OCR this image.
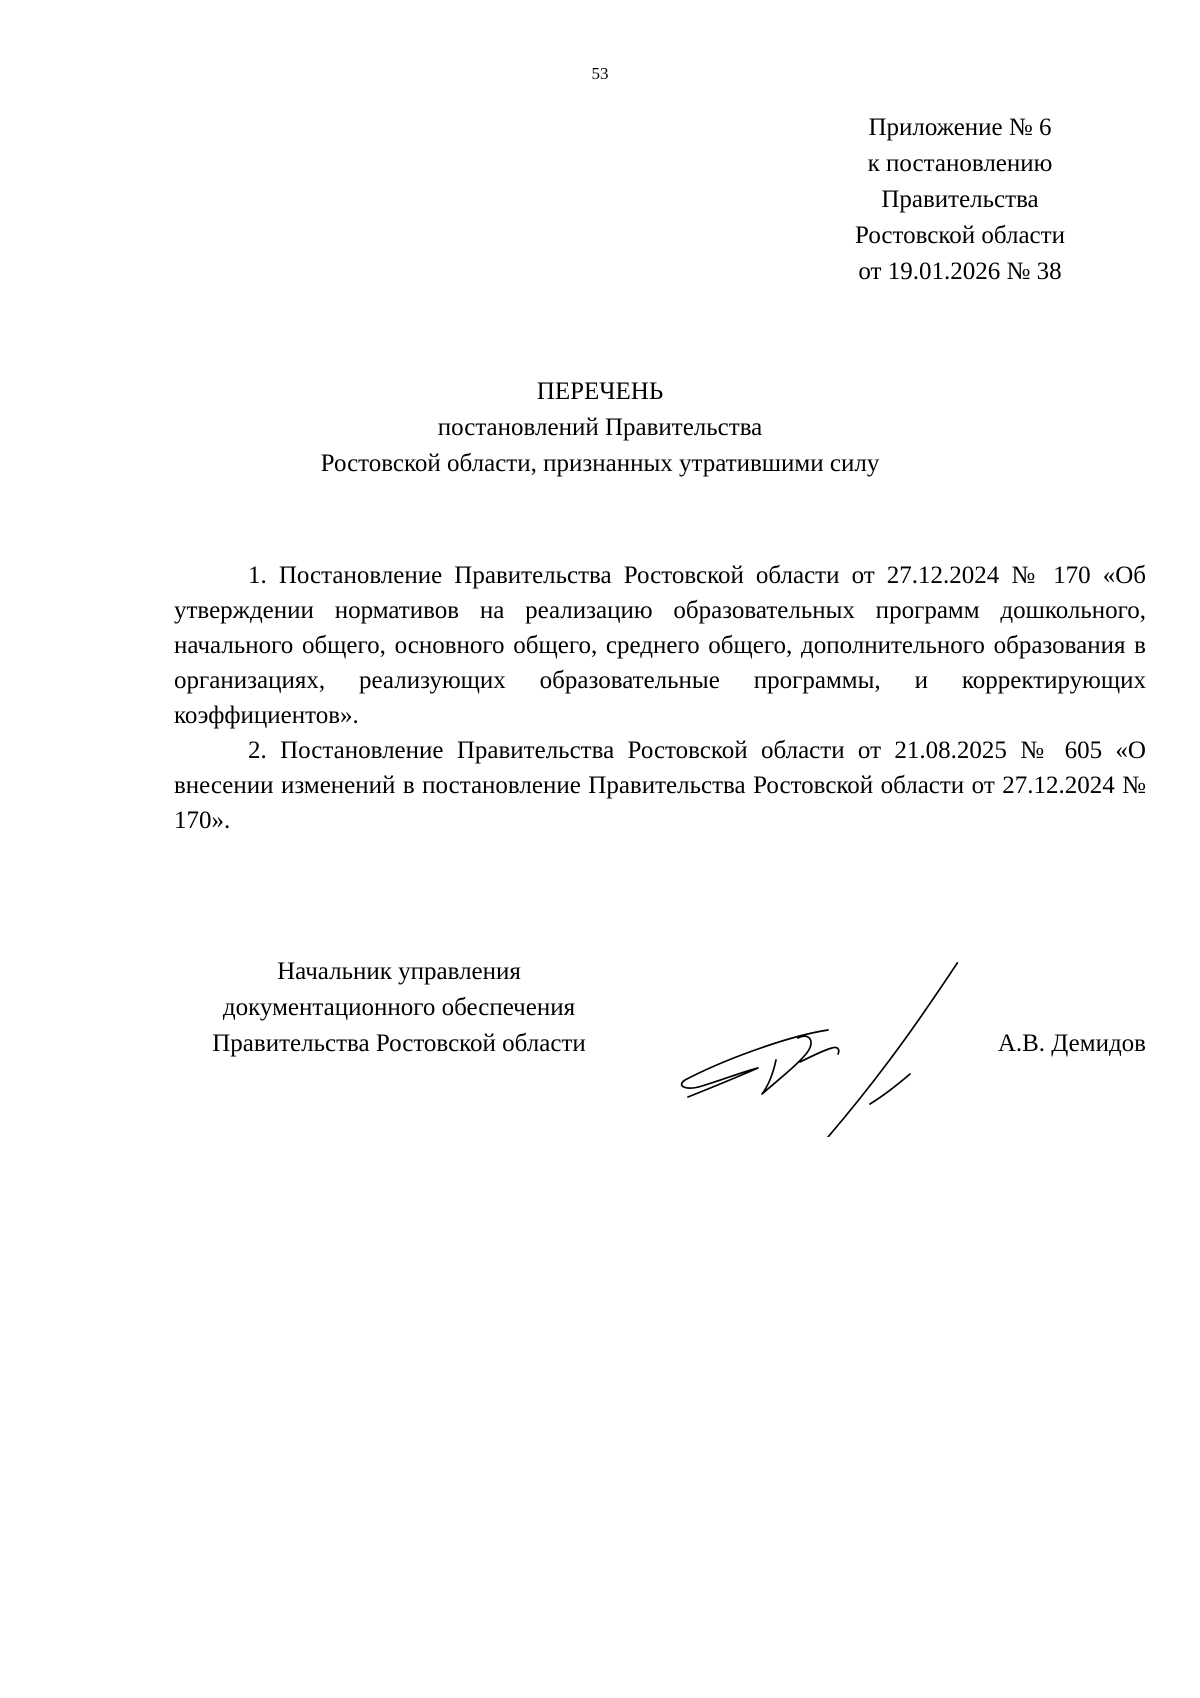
53
Приложение № 6
к постановлению
Правительства
Ростовской области
от 19.01.2026 № 38
ПЕРЕЧЕНЬ
постановлений Правительства
Ростовской области, признанных утратившими силу

1. Постановление Правительства Ростовской области от 27.12.2024 № 170 «Об утверждении нормативов на реализацию образовательных программ дошкольного, начального общего, основного общего, среднего общего, дополнительного образования в организациях, реализующих образовательные программы, и корректирующих коэффициентов».

2. Постановление Правительства Ростовской области от 21.08.2025 № 605 «О внесении изменений в постановление Правительства Ростовской области от 27.12.2024 № 170».

Начальник управления
документационного обеспечения
Правительства Ростовской области	А.В. Демидов
